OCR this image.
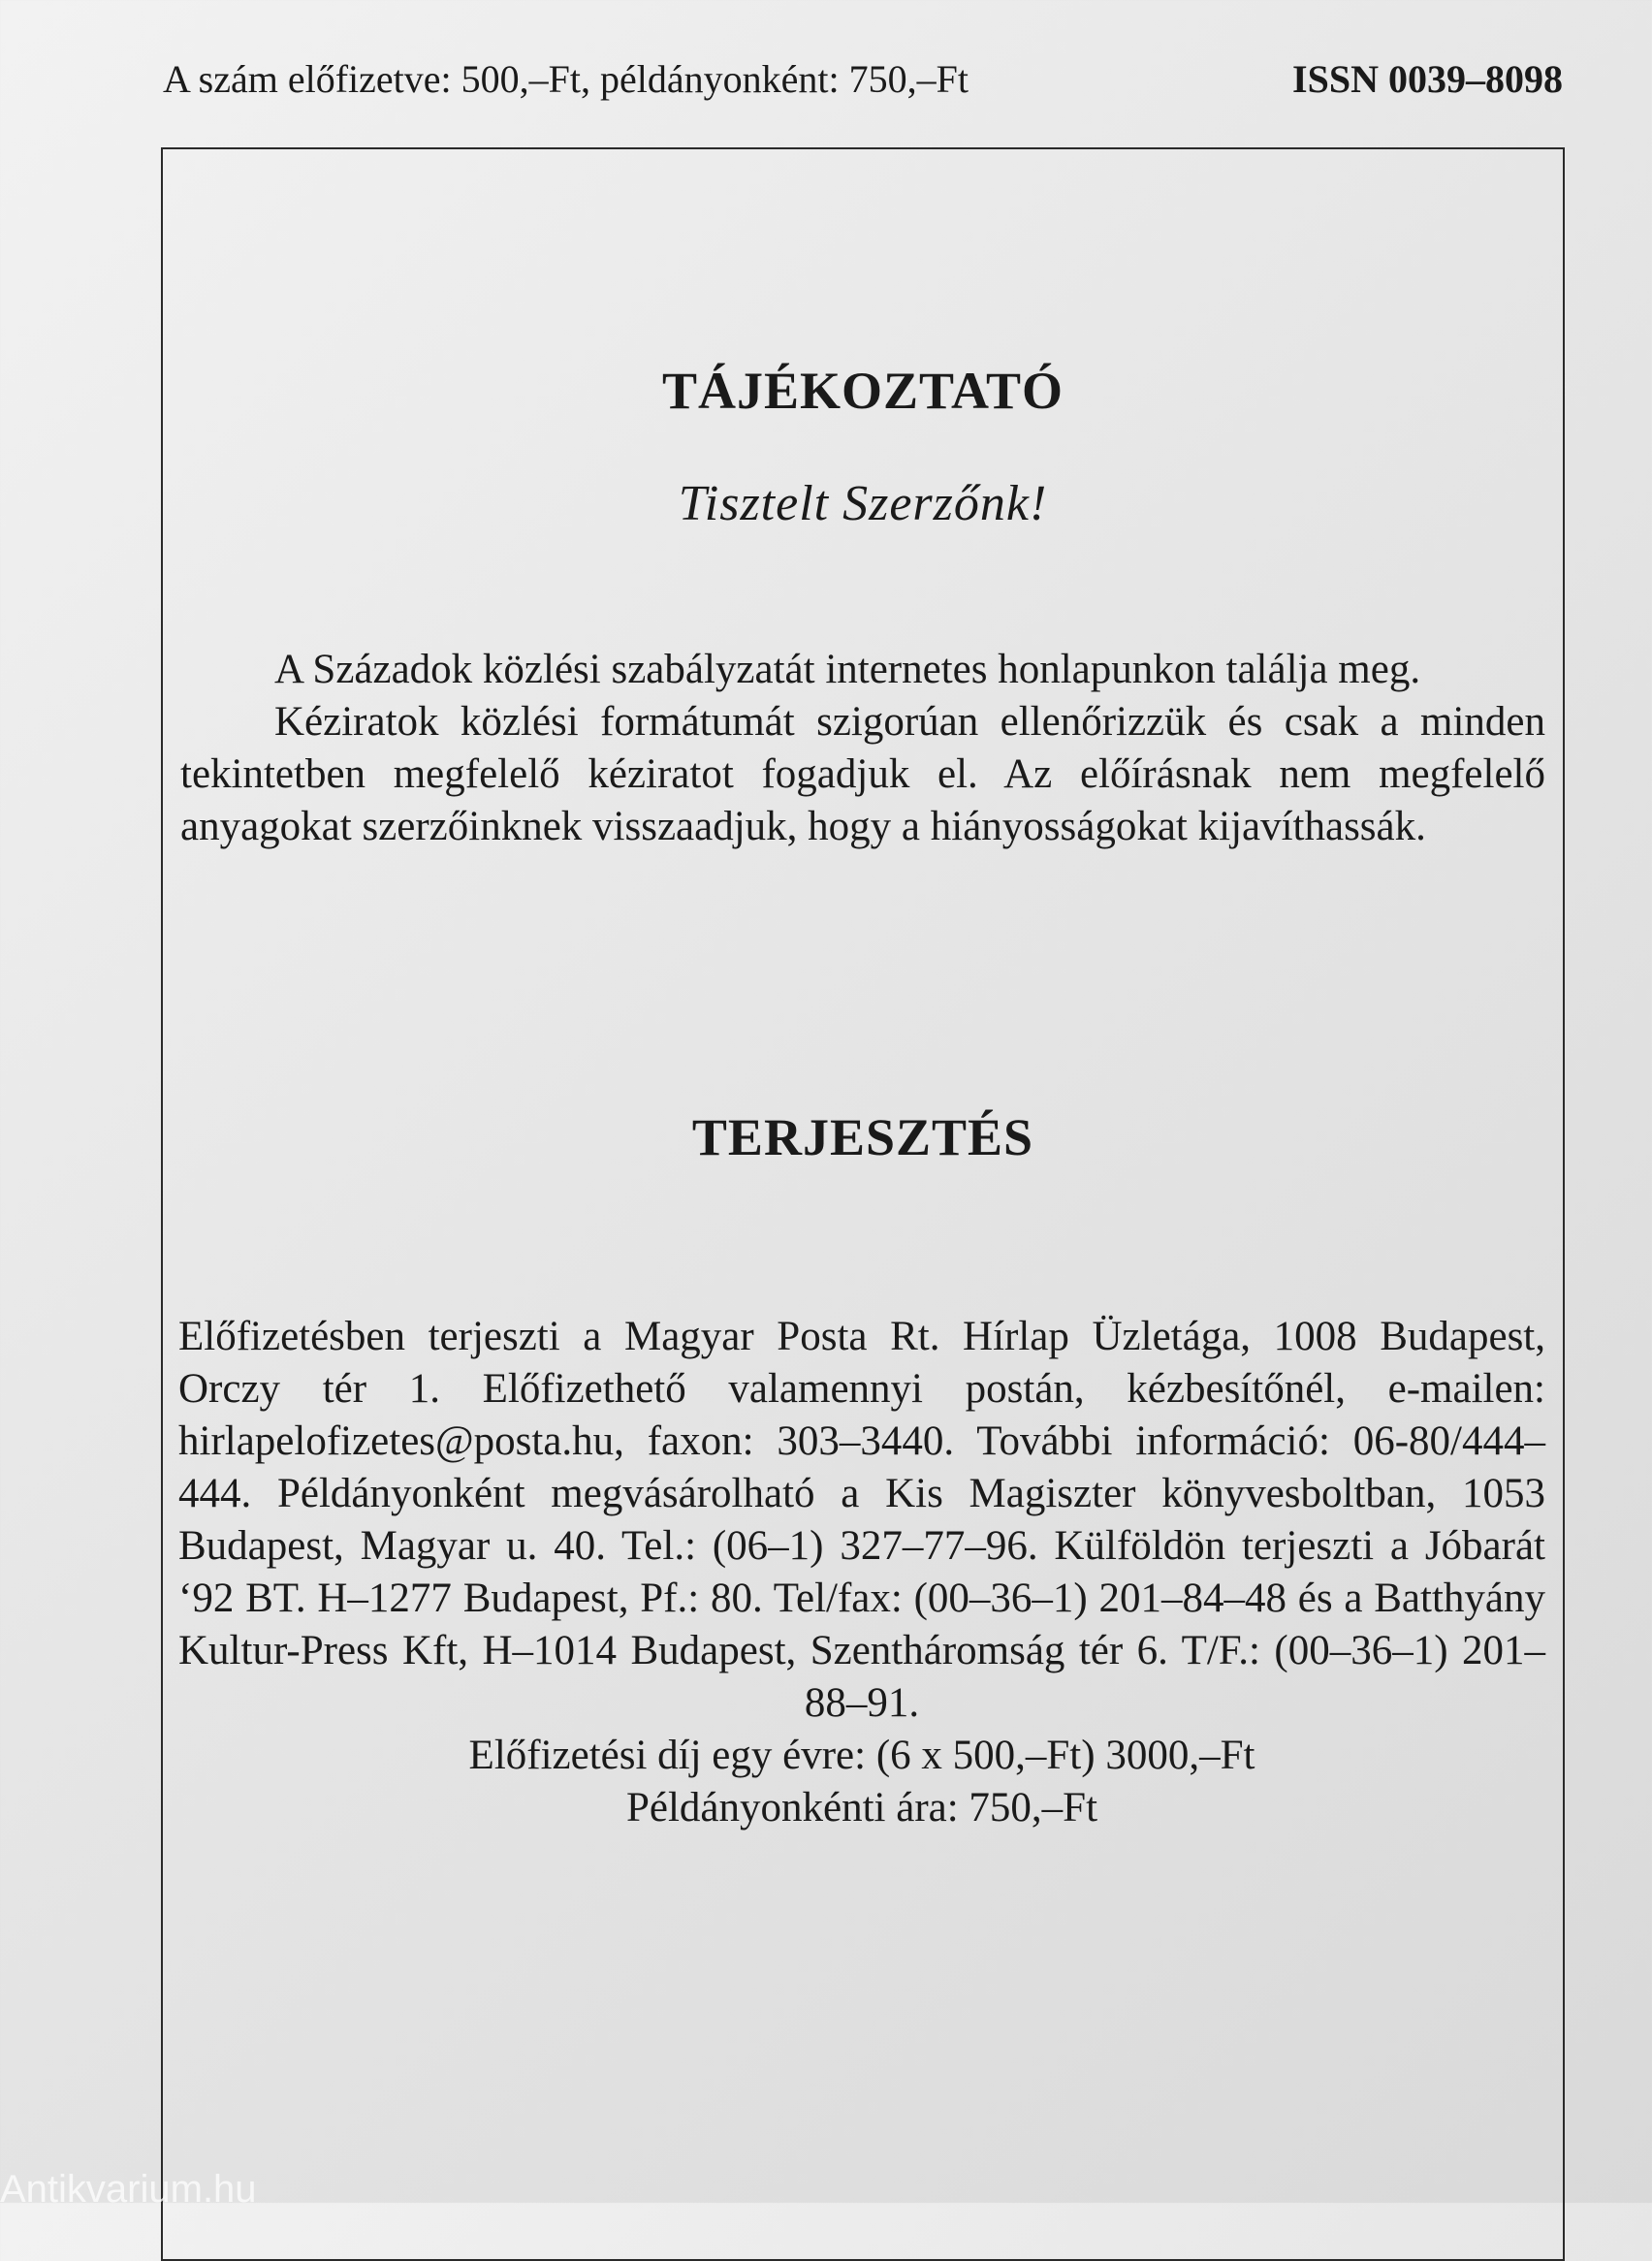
A szám előfizetve: 500,–Ft, példányonként: 750,–Ft	ISSN 0039–8098
TÁJÉKOZTATÓ

Tisztelt Szerzőnk!

A Századok közlési szabályzatát internetes honlapunkon találja meg.

Kéziratok közlési formátumát szigorúan ellenőrizzük és csak a minden tekintetben megfelelő kéziratot fogadjuk el. Az előírásnak nem megfelelő anyagokat szerzőinknek visszaadjuk, hogy a hiányosságokat kijavíthassák.

TERJESZTÉS

Előfizetésben terjeszti a Magyar Posta Rt. Hírlap Üzletága, 1008 Budapest, Orczy tér 1. Előfizethető valamennyi postán, kézbesítőnél, e-mailen: hirlapelofizetes@posta.hu, faxon: 303–3440. További információ: 06-80/444–444. Példányonként megvásárolható a Kis Magiszter könyvesboltban, 1053 Budapest, Magyar u. 40. Tel.: (06–1) 327–77–96. Külföldön terjeszti a Jóbarát ‘92 BT. H–1277 Budapest, Pf.: 80. Tel/fax: (00–36–1) 201–84–48 és a Batthyány Kultur-Press Kft, H–1014 Budapest, Szentháromság tér 6. T/F.: (00–36–1) 201–88–91.

Előfizetési díj egy évre: (6 x 500,–Ft) 3000,–Ft

Példányonkénti ára: 750,–Ft

Antikvarium.hu
